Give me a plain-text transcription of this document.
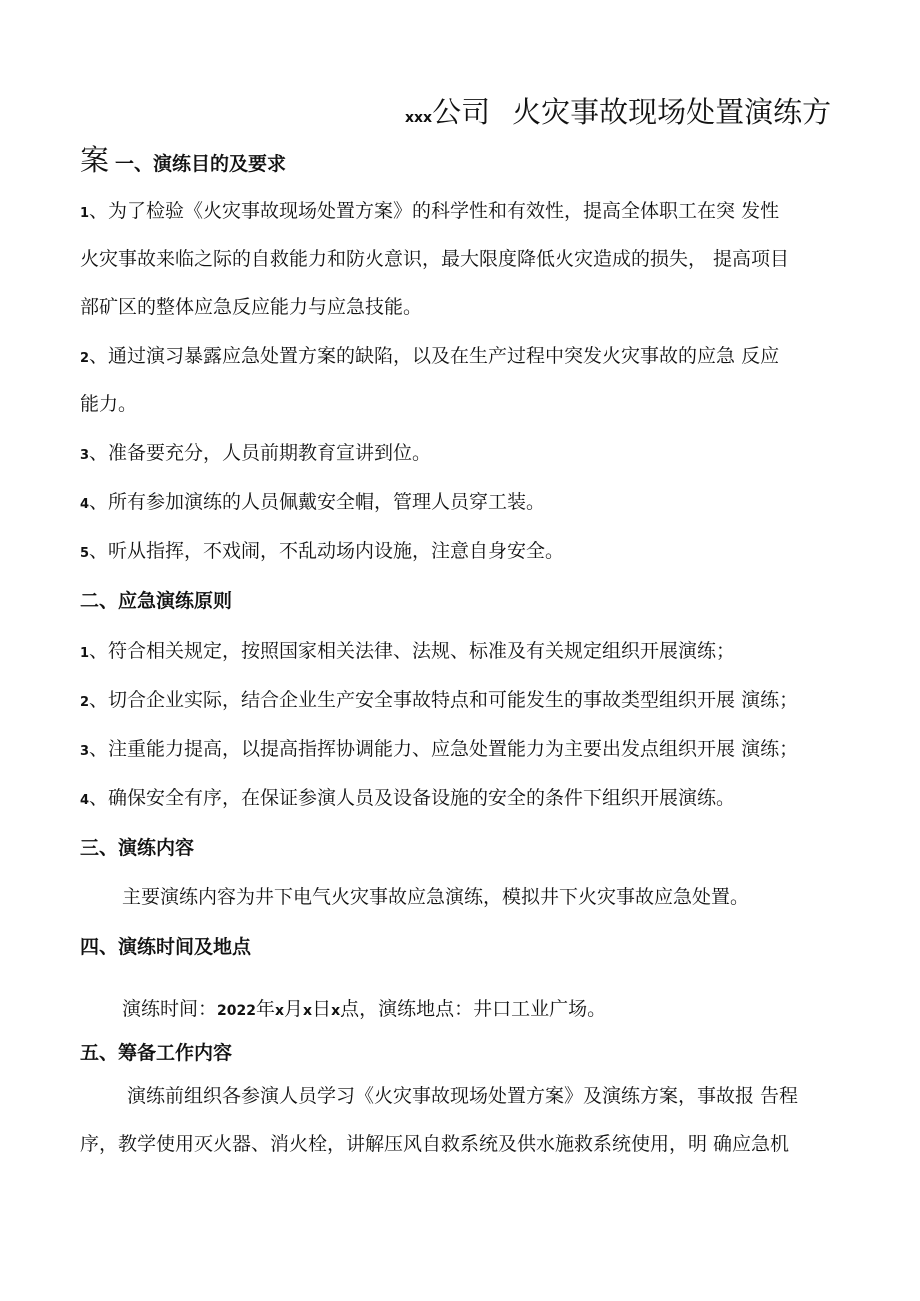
xxx公司 火灾事故现场处置演练方
案一、演练目的及要求
1、为了检验《火灾事故现场处置方案》的科学性和有效性，提高全体职工在突 发性
火灾事故来临之际的自救能力和防火意识，最大限度降低火灾造成的损失， 提高项目
部矿区的整体应急反应能力与应急技能。
2、通过演习暴露应急处置方案的缺陷，以及在生产过程中突发火灾事故的应急 反应
能力。
3、准备要充分，人员前期教育宣讲到位。
4、所有参加演练的人员佩戴安全帽，管理人员穿工装。
5、听从指挥，不戏闹，不乱动场内设施，注意自身安全。
二、应急演练原则
1、符合相关规定，按照国家相关法律、法规、标准及有关规定组织开展演练；
2、切合企业实际，结合企业生产安全事故特点和可能发生的事故类型组织开展 演练；
3、注重能力提高，以提高指挥协调能力、应急处置能力为主要出发点组织开展 演练；
4、确保安全有序，在保证参演人员及设备设施的安全的条件下组织开展演练。
三、演练内容
主要演练内容为井下电气火灾事故应急演练，模拟井下火灾事故应急处置。
四、演练时间及地点
演练时间：2022年x月x日x点，演练地点：井口工业广场。
五、筹备工作内容
演练前组织各参演人员学习《火灾事故现场处置方案》及演练方案，事故报 告程
序，教学使用灭火器、消火栓，讲解压风自救系统及供水施救系统使用，明 确应急机
